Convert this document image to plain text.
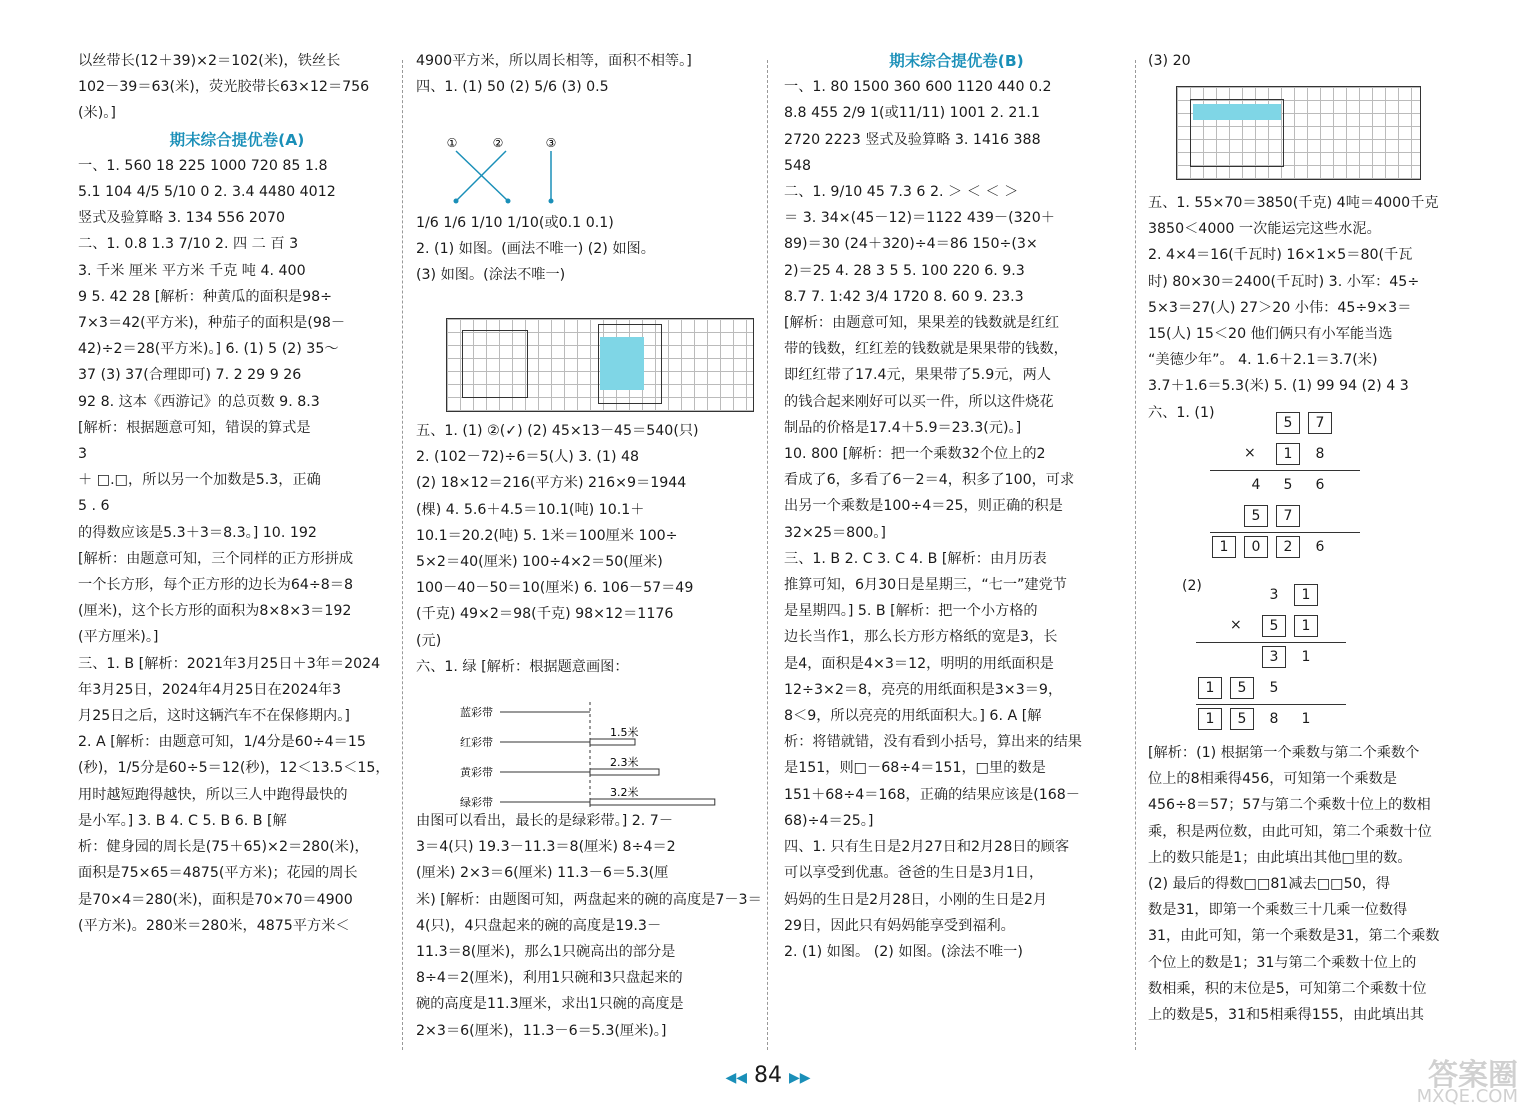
以丝带长(12＋39)×2＝102(米)，铁丝长

102－39＝63(米)，荧光胶带长63×12＝756

(米)。]

期末综合提优卷(A)

一、1. 560 18 225 1000 720 85 1.8

5.1 104 4/5 5/10 0 2. 3.4 4480 4012

竖式及验算略 3. 134 556 2070

二、1. 0.8 1.3 7/10 2. 四 二 百 3

3. 千米 厘米 平方米 千克 吨 4. 400

9 5. 42 28 [解析：种黄瓜的面积是98÷

7×3＝42(平方米)，种茄子的面积是(98－

42)÷2＝28(平方米)。] 6. (1) 5 (2) 35～

37 (3) 37(合理即可) 7. 2 29 9 26

92 8. 这本《西游记》的总页数 9. 8.3

[解析：根据题意可知，错误的算式是

3

＋ □.□，所以另一个加数是5.3，正确

5 . 6

的得数应该是5.3＋3＝8.3。] 10. 192

[解析：由题意可知，三个同样的正方形拼成

一个长方形，每个正方形的边长为64÷8＝8

(厘米)，这个长方形的面积为8×8×3＝192

(平方厘米)。]

三、1. B [解析：2021年3月25日＋3年＝2024

年3月25日，2024年4月25日在2024年3

月25日之后，这时这辆汽车不在保修期内。]

2. A [解析：由题意可知，1/4分是60÷4＝15

(秒)，1/5分是60÷5＝12(秒)，12＜13.5＜15，

用时越短跑得越快，所以三人中跑得最快的

是小军。] 3. B 4. C 5. B 6. B [解

析：健身园的周长是(75＋65)×2＝280(米)，

面积是75×65＝4875(平方米)；花园的周长

是70×4＝280(米)，面积是70×70＝4900

(平方米)。280米＝280米，4875平方米＜

4900平方米，所以周长相等，面积不相等。]

四、1. (1) 50 (2) 5/6 (3) 0.5

①	②	③

1/6 1/6 1/10 1/10(或0.1 0.1)

2. (1) 如图。(画法不唯一) (2) 如图。

(3) 如图。(涂法不唯一)

五、1. (1) ②(✓) (2) 45×13－45＝540(只)

2. (102－72)÷6＝5(人) 3. (1) 48

(2) 18×12＝216(平方米) 216×9＝1944

(棵) 4. 5.6＋4.5＝10.1(吨) 10.1＋

10.1＝20.2(吨) 5. 1米＝100厘米 100÷

5×2＝40(厘米) 100÷4×2＝50(厘米)

100－40－50＝10(厘米) 6. 106－57＝49

(千克) 49×2＝98(千克) 98×12＝1176

(元)

六、1. 绿 [解析：根据题意画图：

蓝彩带
红彩带
1.5米
黄彩带
2.3米
绿彩带
3.2米

由图可以看出，最长的是绿彩带。] 2. 7－

3＝4(只) 19.3－11.3＝8(厘米) 8÷4＝2

(厘米) 2×3＝6(厘米) 11.3－6＝5.3(厘

米) [解析：由题图可知，两盘起来的碗的高度是7－3＝

4(只)，4只盘起来的碗的高度是19.3－

11.3＝8(厘米)，那么1只碗高出的部分是

8÷4＝2(厘米)，利用1只碗和3只盘起来的

碗的高度是11.3厘米，求出1只碗的高度是

2×3＝6(厘米)，11.3－6＝5.3(厘米)。]

期末综合提优卷(B)

一、1. 80 1500 360 600 1120 440 0.2

8.8 455 2/9 1(或11/11) 1001 2. 21.1

2720 2223 竖式及验算略 3. 1416 388

548

二、1. 9/10 45 7.3 6 2. ＞ ＜ ＜ ＞

＝ 3. 34×(45－12)＝1122 439－(320＋

89)＝30 (24＋320)÷4＝86 150÷(3×

2)＝25 4. 28 3 5 5. 100 220 6. 9.3

8.7 7. 1:42 3/4 1720 8. 60 9. 23.3

[解析：由题意可知，果果差的钱数就是红红

带的钱数，红红差的钱数就是果果带的钱数，

即红红带了17.4元，果果带了5.9元，两人

的钱合起来刚好可以买一件，所以这件烧花

制品的价格是17.4＋5.9＝23.3(元)。]

10. 800 [解析：把一个乘数32个位上的2

看成了6，多看了6－2＝4，积多了100，可求

出另一个乘数是100÷4＝25，则正确的积是

32×25＝800。]

三、1. B 2. C 3. C 4. B [解析：由月历表

推算可知，6月30日是星期三，“七一”建党节

是星期四。] 5. B [解析：把一个小方格的

边长当作1，那么长方形方格纸的宽是3，长

是4，面积是4×3＝12，明明的用纸面积是

12÷3×2＝8，亮亮的用纸面积是3×3＝9，

8＜9，所以亮亮的用纸面积大。] 6. A [解

析：将错就错，没有看到小括号，算出来的结果

是151，则□－68÷4＝151，□里的数是

151＋68÷4＝168，正确的结果应该是(168－

68)÷4＝25。]

四、1. 只有生日是2月27日和2月28日的顾客

可以享受到优惠。爸爸的生日是3月1日，

妈妈的生日是2月28日，小刚的生日是2月

29日，因此只有妈妈能享受到福利。

2. (1) 如图。 (2) 如图。(涂法不唯一)

(3) 20

五、1. 55×70＝3850(千克) 4吨＝4000千克

3850＜4000 一次能运完这些水泥。

2. 4×4＝16(千瓦时) 16×1×5＝80(千瓦

时) 80×30＝2400(千瓦时) 3. 小军：45÷

5×3＝27(人) 27＞20 小伟：45÷9×3＝

15(人) 15＜20 他们俩只有小军能当选

“美德少年”。 4. 1.6＋2.1＝3.7(米)

3.7＋1.6＝5.3(米) 5. (1) 99 94 (2) 4 3

六、1. (1)

×
5	7
1	8
4	5	6
5	7
1	0	2	6
(2)
×
3	1
5	1
3	1
1	5	5
1	5	8	1

[解析：(1) 根据第一个乘数与第二个乘数个

位上的8相乘得456，可知第一个乘数是

456÷8＝57；57与第二个乘数十位上的数相

乘，积是两位数，由此可知，第二个乘数十位

上的数只能是1；由此填出其他□里的数。

(2) 最后的得数□□81减去□□50，得

数是31，即第一个乘数三十几乘一位数得

31，由此可知，第一个乘数是31，第二个乘数

个位上的数是1；31与第二个乘数十位上的

数相乘，积的末位是5，可知第二个乘数十位

上的数是5，31和5相乘得155，由此填出其

◀◀ 84 ▶▶	答案圈
MXQE.COM
